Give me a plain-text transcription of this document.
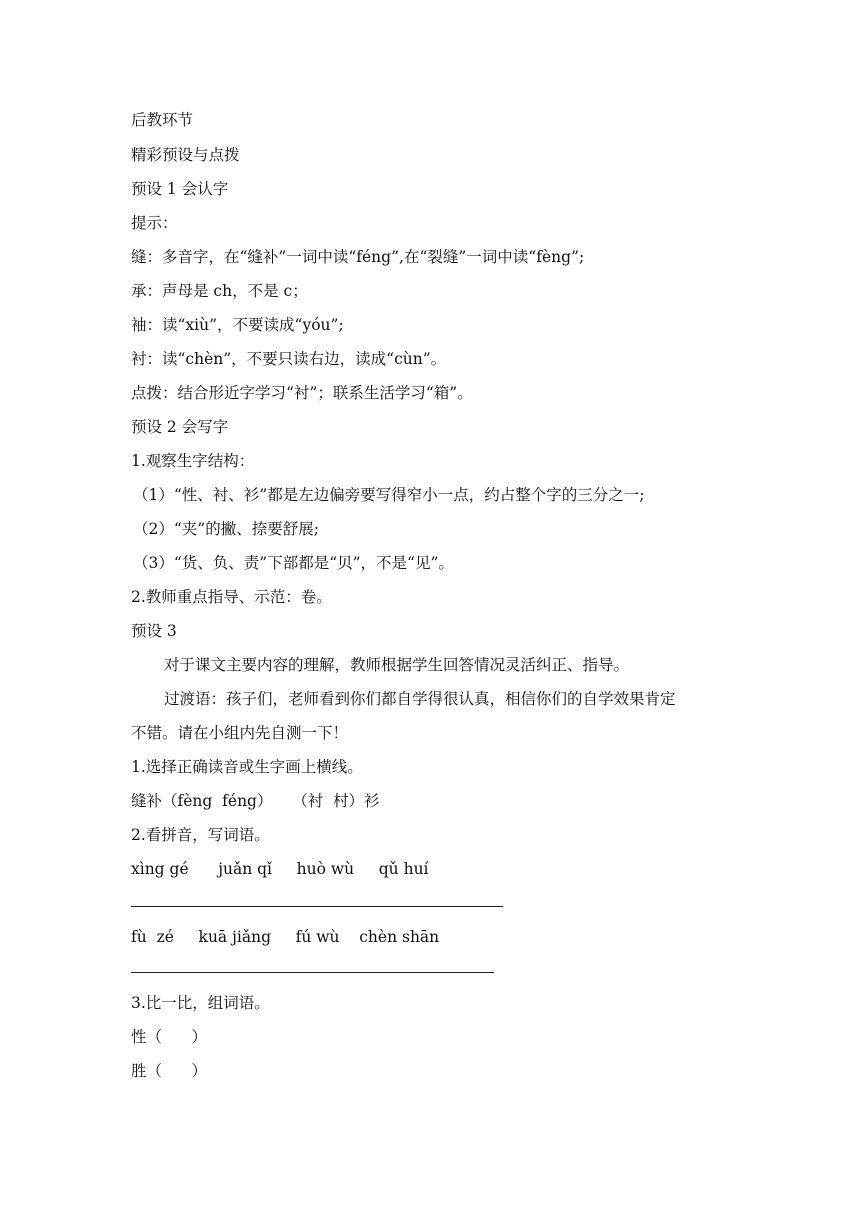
后教环节
精彩预设与点拨
预设 1 会认字
提示：
缝：多音字，在“缝补”一词中读“féng”,在“裂缝”一词中读“fèng”;
承：声母是 ch，不是 c；
袖：读“xiù”，不要读成“yóu”;
衬：读“chèn”，不要只读右边，读成“cùn”。
点拨：结合形近字学习“衬”；联系生活学习“箱”。
预设 2 会写字
1.观察生字结构：
（1）“性、衬、衫”都是左边偏旁要写得窄小一点，约占整个字的三分之一;
（2）“夹”的撇、捺要舒展;
（3）“货、负、责”下部都是“贝”，不是“见”。
2.教师重点指导、示范：卷。
预设 3
对于课文主要内容的理解，教师根据学生回答情况灵活纠正、指导。
过渡语：孩子们，老师看到你们都自学得很认真，相信你们的自学效果肯定
不错。请在小组内先自测一下！
1.选择正确读音或生字画上横线。
缝补（fèng  féng）    （衬  村）衫
2.看拼音，写词语。
xìng gé      juǎn qǐ     huò wù     qǔ huí
fù  zé     kuā jiǎng     fú wù    chèn shān
3.比一比，组词语。
性（      ）
胜（      ）
